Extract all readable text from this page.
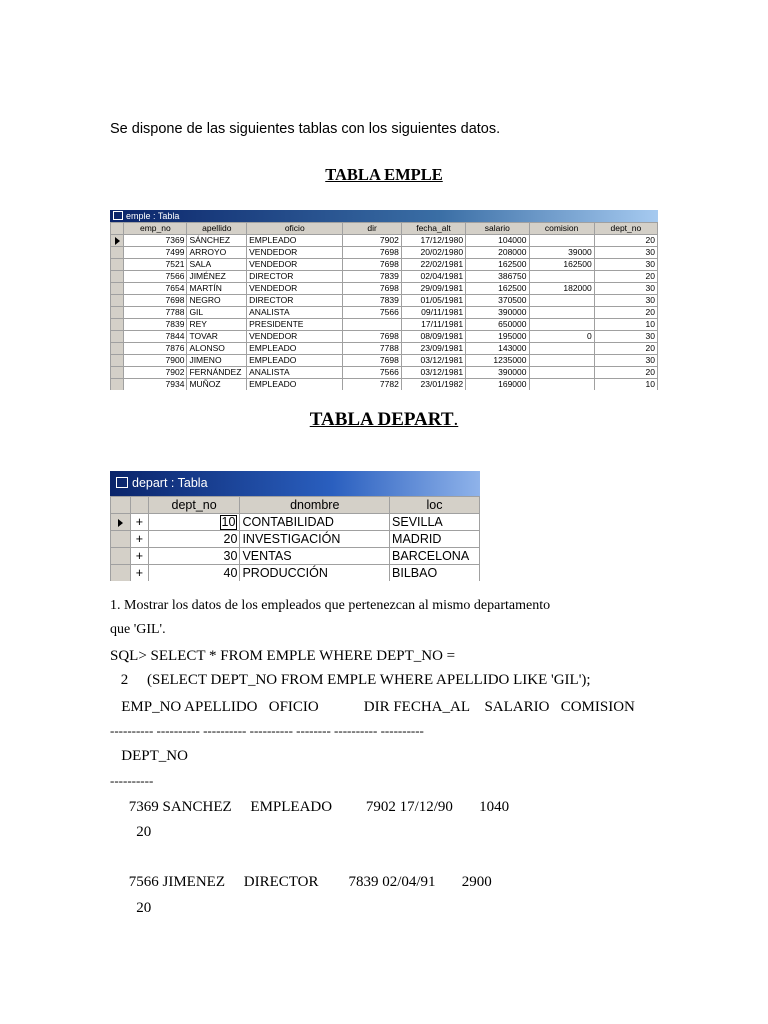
Se dispone de las siguientes tablas con los siguientes datos.
TABLA EMPLE
emple : Tabla
	emp_no	apellido	oficio	dir	fecha_alt	salario	comision	dept_no
	7369	SÁNCHEZ	EMPLEADO	7902	17/12/1980	104000		20
	7499	ARROYO	VENDEDOR	7698	20/02/1980	208000	39000	30
	7521	SALA	VENDEDOR	7698	22/02/1981	162500	162500	30
	7566	JIMÉNEZ	DIRECTOR	7839	02/04/1981	386750		20
	7654	MARTÍN	VENDEDOR	7698	29/09/1981	162500	182000	30
	7698	NEGRO	DIRECTOR	7839	01/05/1981	370500		30
	7788	GIL	ANALISTA	7566	09/11/1981	390000		20
	7839	REY	PRESIDENTE		17/11/1981	650000		10
	7844	TOVAR	VENDEDOR	7698	08/09/1981	195000	0	30
	7876	ALONSO	EMPLEADO	7788	23/09/1981	143000		20
	7900	JIMENO	EMPLEADO	7698	03/12/1981	1235000		30
	7902	FERNÁNDEZ	ANALISTA	7566	03/12/1981	390000		20
	7934	MUÑOZ	EMPLEADO	7782	23/01/1982	169000		10
TABLA DEPART.
depart : Tabla
		dept_no	dnombre	loc
	+	10	CONTABILIDAD	SEVILLA
	+	20	INVESTIGACIÓN	MADRID
	+	30	VENTAS	BARCELONA
	+	40	PRODUCCIÓN	BILBAO
1. Mostrar los datos de los empleados que pertenezcan al mismo departamento
que 'GIL'.
SQL> SELECT * FROM EMPLE WHERE DEPT_NO =
2     (SELECT DEPT_NO FROM EMPLE WHERE APELLIDO LIKE 'GIL');
EMP_NO APELLIDO   OFICIO            DIR FECHA_AL    SALARIO   COMISION
---------- ---------- ---------- ---------- -------- ---------- ----------
DEPT_NO
----------
7369 SANCHEZ     EMPLEADO         7902 17/12/90       1040
20
7566 JIMENEZ     DIRECTOR        7839 02/04/91       2900
20
